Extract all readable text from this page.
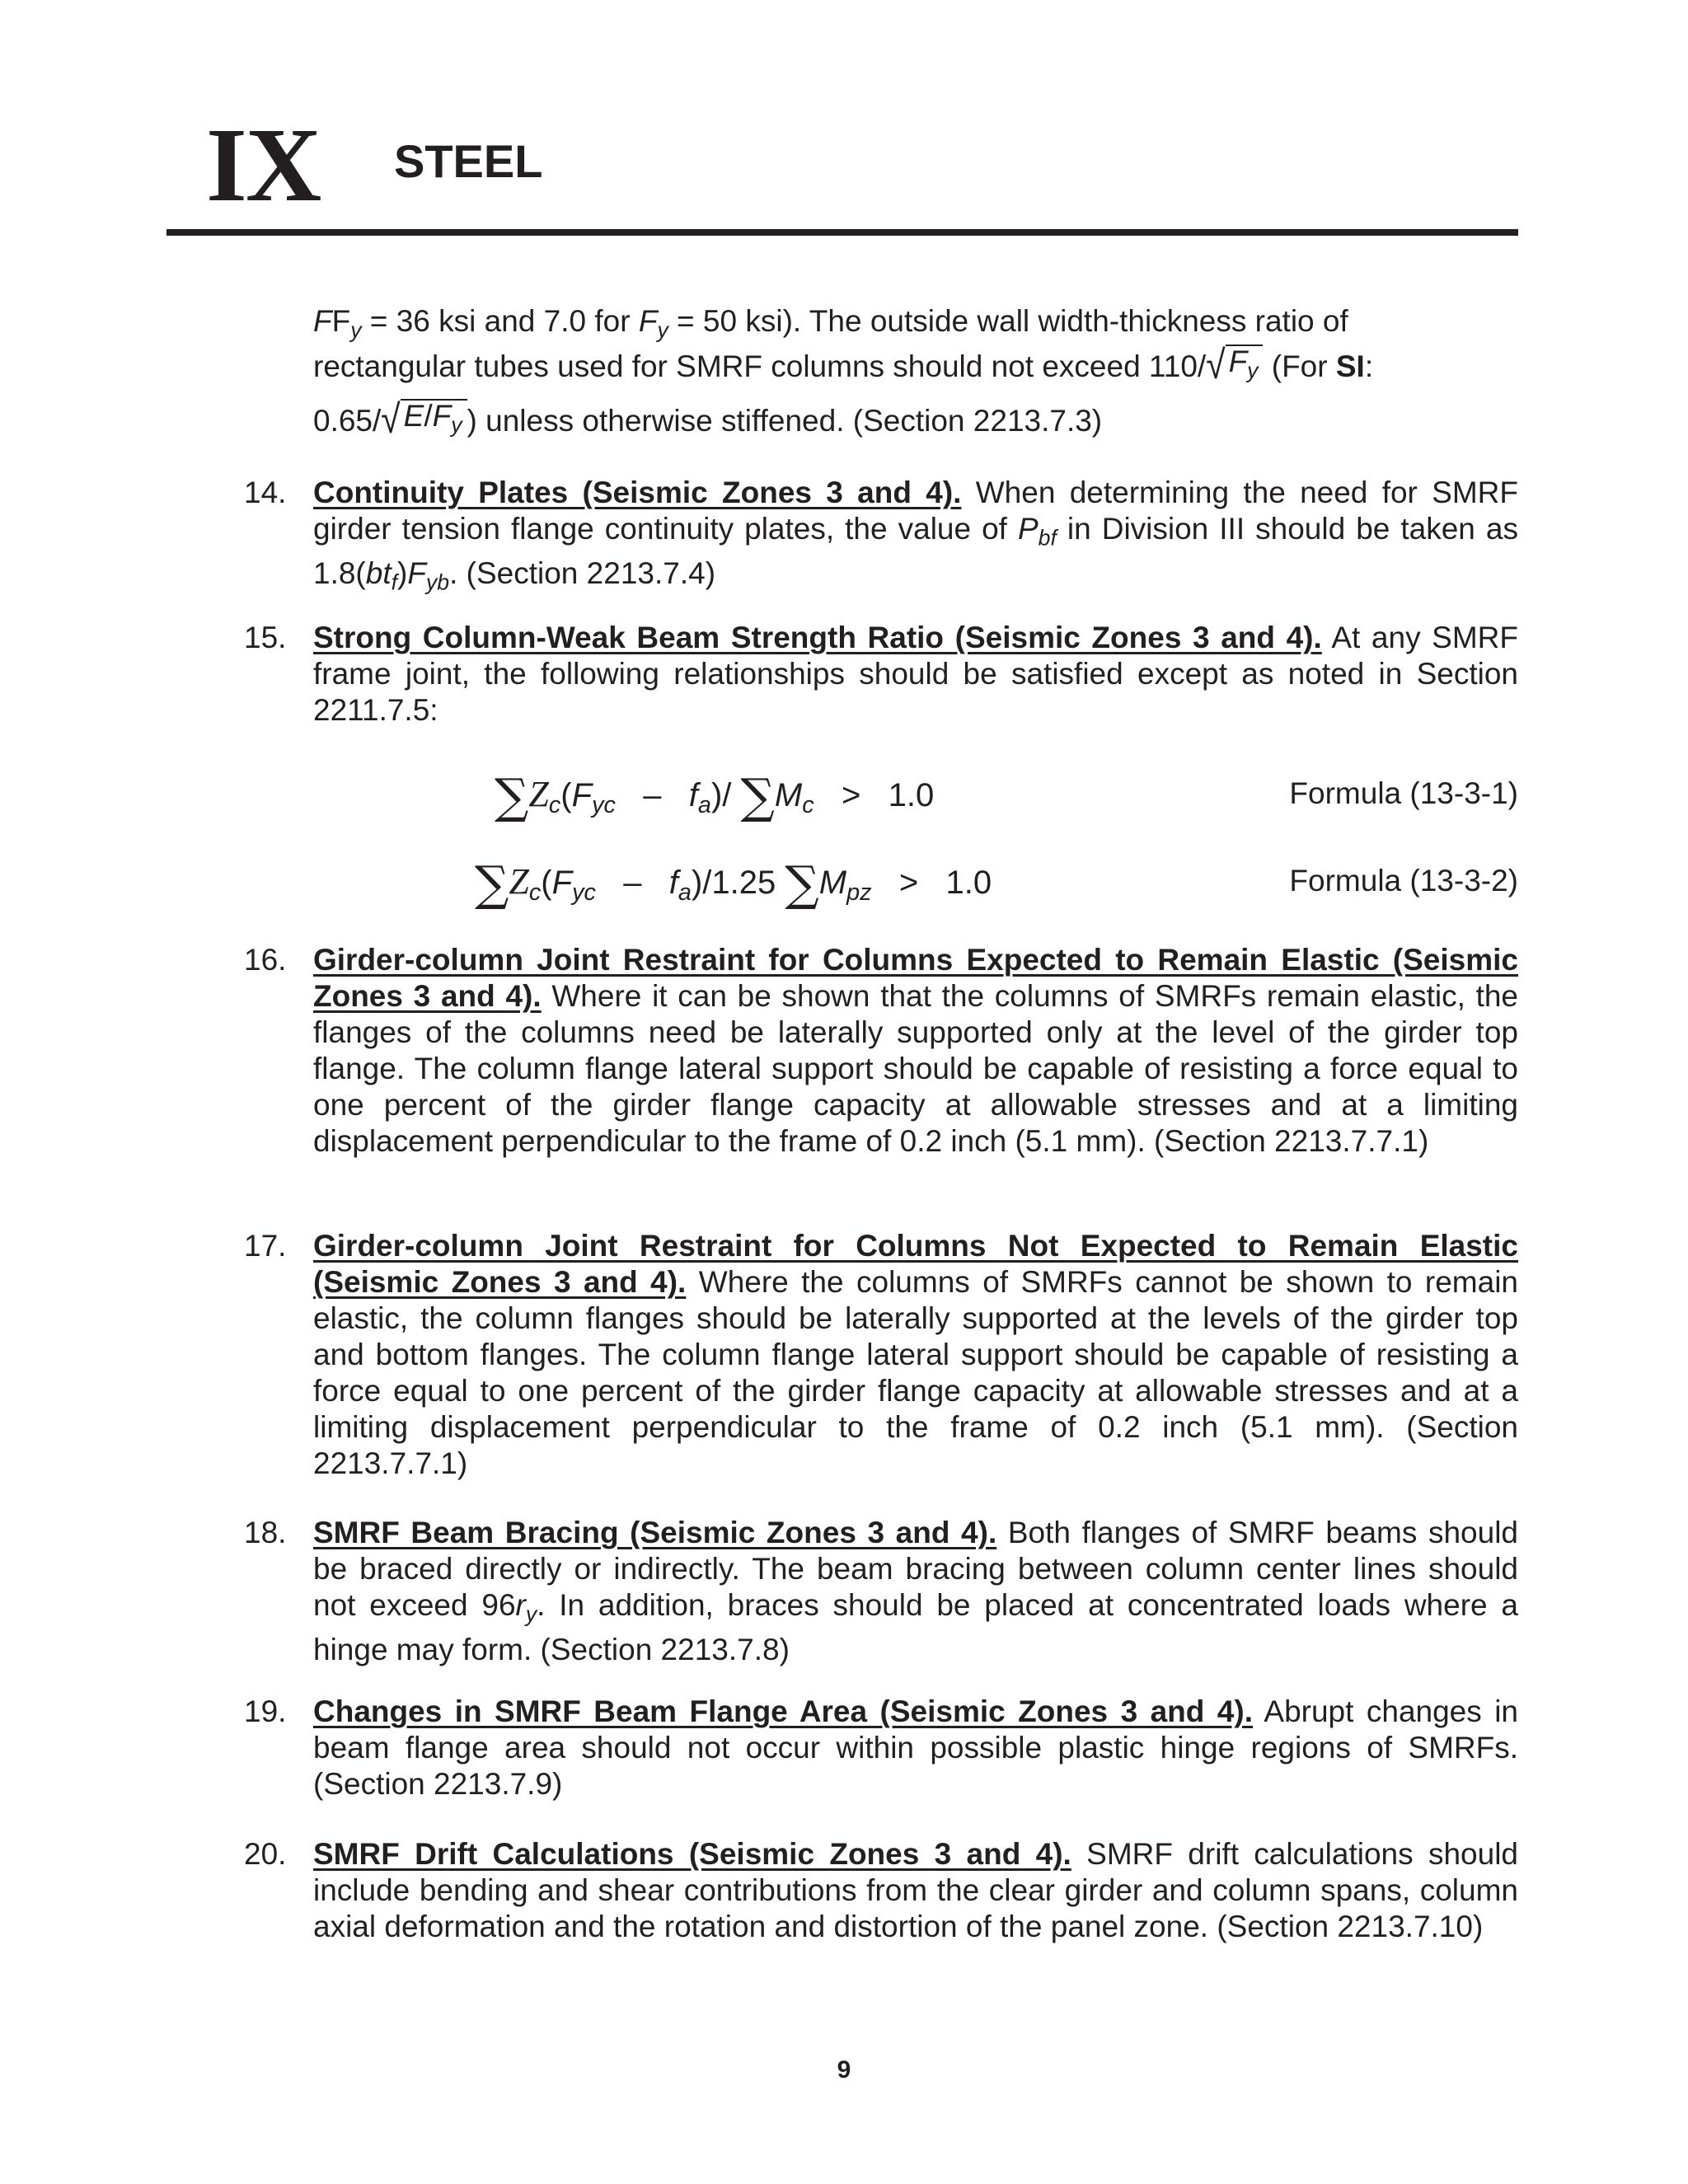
IX STEEL

$FF_y = 36$ ksi and 7.0 for $F_y = 50$ ksi). The outside wall width-thickness ratio of

rectangular tubes used for SMRF columns should not exceed 110/ √ $F_y$ (For SI:

0.65/ √ $E/F_y$ ) unless otherwise stiffened. (Section 2213.7.3)

14. Continuity Plates (Seismic Zones 3 and 4). When determining the need for SMRF girder tension flange continuity plates, the value of $P_{bf}$ in Division III should be taken as $1.8(bt_f)F_{yb}$. (Section 2213.7.4)
15. Strong Column-Weak Beam Strength Ratio (Seismic Zones 3 and 4). At any SMRF frame joint, the following relationships should be satisfied except as noted in Section 2211.7.5:
$\sum Z_c(F_{yc} - f_a)/$ $\sum M_c > 1.0$	Formula (13-3-1)
$\sum Z_c(F_{yc} - f_a)/1.25$ $\sum M_{pz} > 1.0$	Formula (13-3-2)
16. Girder-column Joint Restraint for Columns Expected to Remain Elastic (Seismic Zones 3 and 4). Where it can be shown that the columns of SMRFs remain elastic, the flanges of the columns need be laterally supported only at the level of the girder top flange. The column flange lateral support should be capable of resisting a force equal to one percent of the girder flange capacity at allowable stresses and at a limiting displacement perpendicular to the frame of 0.2 inch (5.1 mm). (Section 2213.7.7.1)
17. Girder-column Joint Restraint for Columns Not Expected to Remain Elastic (Seismic Zones 3 and 4). Where the columns of SMRFs cannot be shown to remain elastic, the column flanges should be laterally supported at the levels of the girder top and bottom flanges. The column flange lateral support should be capable of resisting a force equal to one percent of the girder flange capacity at allowable stresses and at a limiting displacement perpendicular to the frame of 0.2 inch (5.1 mm). (Section 2213.7.7.1)
18. SMRF Beam Bracing (Seismic Zones 3 and 4). Both flanges of SMRF beams should be braced directly or indirectly. The beam bracing between column center lines should not exceed $96r_y$. In addition, braces should be placed at concentrated loads where a hinge may form. (Section 2213.7.8)
19. Changes in SMRF Beam Flange Area (Seismic Zones 3 and 4). Abrupt changes in beam flange area should not occur within possible plastic hinge regions of SMRFs. (Section 2213.7.9)
20. SMRF Drift Calculations (Seismic Zones 3 and 4). SMRF drift calculations should include bending and shear contributions from the clear girder and column spans, column axial deformation and the rotation and distortion of the panel zone. (Section 2213.7.10)
9
